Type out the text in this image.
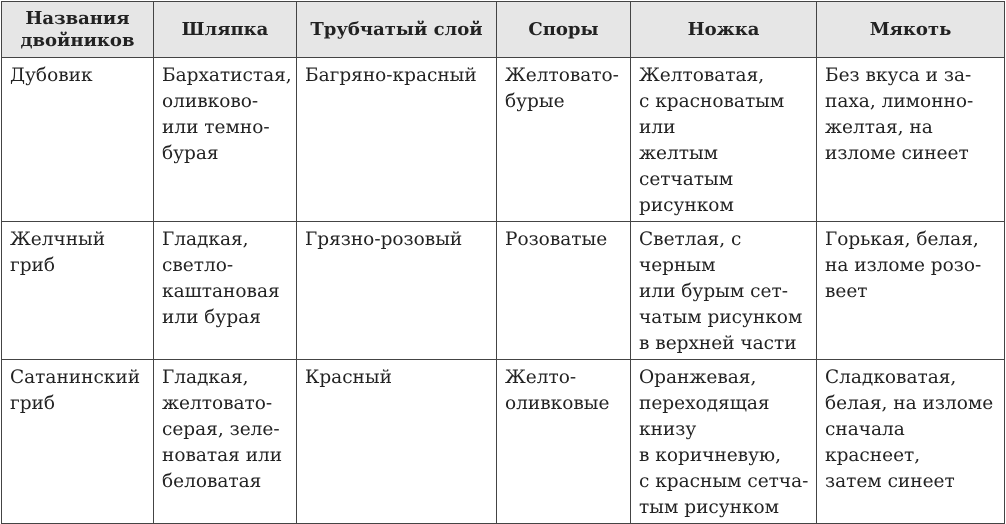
Названия
двойников	Шляпка	Трубчатый слой	Споры	Ножка	Мякоть

Дубовик	Бархатистая,
оливково-
или темно-
бурая	Багряно-красный	Желтовато-
бурые	Желтоватая,
с красноватым или
желтым сетчатым
рисунком	Без вкуса и за-
паха, лимонно-
желтая, на
изломе синеет

Желчный гриб	Гладкая,
светло-
каштановая
или бурая	Грязно-розовый	Розоватые	Светлая, с черным
или бурым сет-
чатым рисунком
в верхней части	Горькая, белая,
на изломе розо-
веет

Сатанинский
гриб	Гладкая,
желтовато-
серая, зеле-
новатая или
беловатая	Красный	Желто-
оливковые	Оранжевая,
переходящая книзу
в коричневую,
с красным сетча-
тым рисунком	Сладковатая,
белая, на изломе
сначала краснеет,
затем синеет
